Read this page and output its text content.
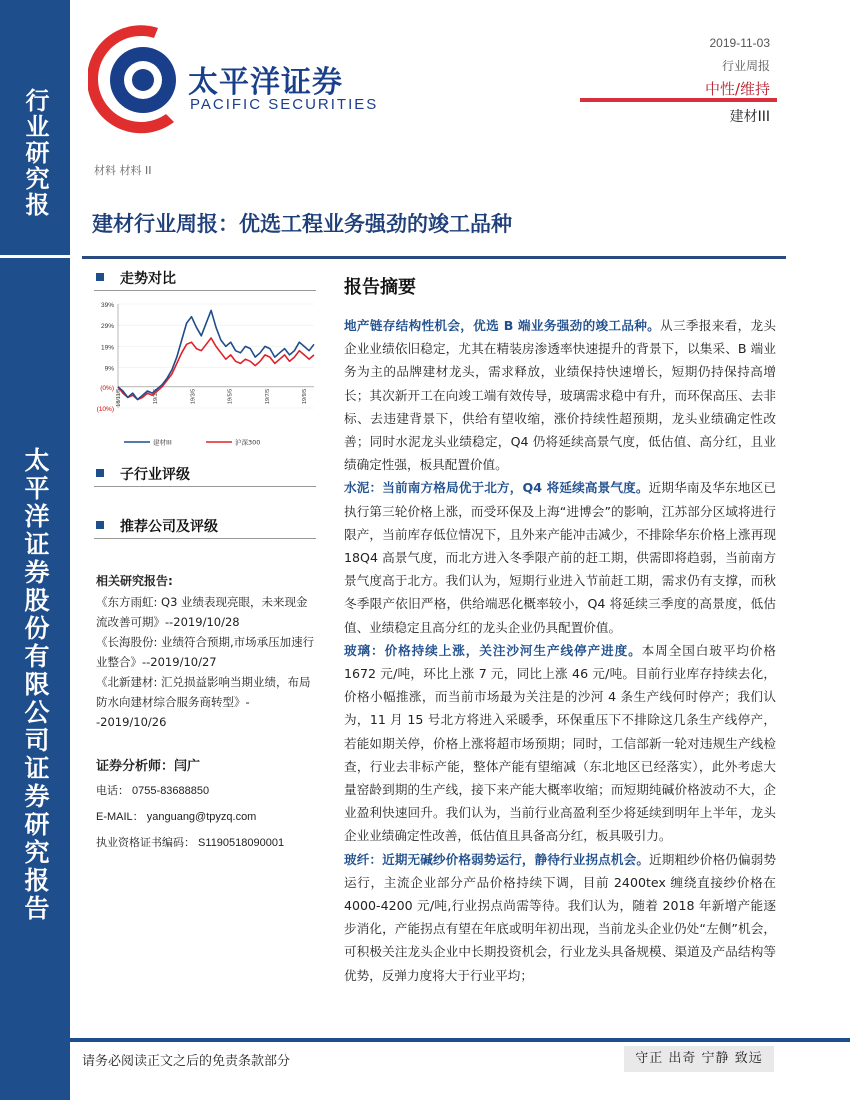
行业研究报
太平洋证券股份有限公司证券研究报告
太平洋证券
PACIFIC SECURITIES
2019-11-03
行业周报
中性/维持
建材III
材料 材料 II
建材行业周报：优选工程业务强劲的竣工品种
走势对比
39%
29%
19%
9%
(0%)
(10%)
18/11/5	19/1/5	19/3/5	19/5/5	19/7/5	19/9/5
建材III	沪深300
子行业评级
推荐公司及评级
相关研究报告:
《东方雨虹: Q3 业绩表现亮眼，未来现金流改善可期》--2019/10/28
《长海股份: 业绩符合预期,市场承压加速行业整合》--2019/10/27
《北新建材: 汇兑损益影响当期业绩，布局防水向建材综合服务商转型》--2019/10/26
证券分析师：闫广
电话： 0755-83688850
E-MAIL： yanguang@tpyzq.com
执业资格证书编码： S1190518090001
报告摘要

地产链存结构性机会，优选 B 端业务强劲的竣工品种。从三季报来看，龙头企业业绩依旧稳定，尤其在精装房渗透率快速提升的背景下，以集采、B 端业务为主的品牌建材龙头，需求释放，业绩保持快速增长，短期仍持保持高增长；其次新开工在向竣工端有效传导，玻璃需求稳中有升，而环保高压、去非标、去违建背景下，供给有望收缩，涨价持续性超预期，龙头业绩确定性改善；同时水泥龙头业绩稳定，Q4 仍将延续高景气度，低估值、高分红，且业绩确定性强，板具配置价值。

水泥：当前南方格局优于北方，Q4 将延续高景气度。近期华南及华东地区已执行第三轮价格上涨，而受环保及上海“进博会”的影响，江苏部分区域将进行限产，当前库存低位情况下，且外来产能冲击减少，不排除华东价格上涨再现 18Q4 高景气度，而北方进入冬季限产前的赶工期，供需即将趋弱，当前南方景气度高于北方。我们认为，短期行业进入节前赶工期，需求仍有支撑，而秋冬季限产依旧严格，供给端恶化概率较小，Q4 将延续三季度的高景度，低估值、业绩稳定且高分红的龙头企业仍具配置价值。

玻璃：价格持续上涨，关注沙河生产线停产进度。本周全国白玻平均价格 1672 元/吨，环比上涨 7 元，同比上涨 46 元/吨。目前行业库存持续去化，价格小幅推涨，而当前市场最为关注是的沙河 4 条生产线何时停产；我们认为，11 月 15 号北方将进入采暖季，环保重压下不排除这几条生产线停产，若能如期关停，价格上涨将超市场预期；同时，工信部新一轮对违规生产线检查，行业去非标产能，整体产能有望缩减（东北地区已经落实），此外考虑大量窑龄到期的生产线，接下来产能大概率收缩；而短期纯碱价格波动不大，企业盈利快速回升。我们认为，当前行业高盈利至少将延续到明年上半年，龙头企业业绩确定性改善，低估值且具备高分红，板具吸引力。

玻纤：近期无碱纱价格弱势运行，静待行业拐点机会。近期粗纱价格仍偏弱势运行，主流企业部分产品价格持续下调，目前 2400tex 缠绕直接纱价格在 4000-4200 元/吨,行业拐点尚需等待。我们认为，随着 2018 年新增产能逐步消化，产能拐点有望在年底或明年初出现，当前龙头企业仍处“左侧”机会，可积极关注龙头企业中长期投资机会，行业龙头具备规模、渠道及产品结构等优势，反弹力度将大于行业平均；

请务必阅读正文之后的免责条款部分	守正 出奇 宁静 致远
